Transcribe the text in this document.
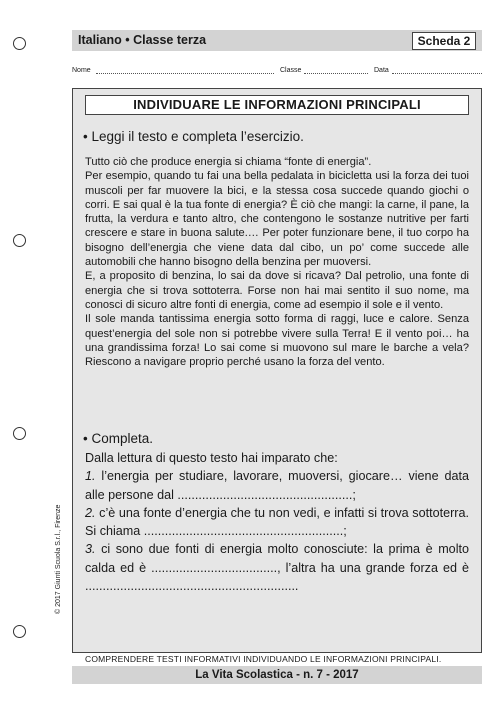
© 2017 Giunti Scuola S.r.l., Firenze
Italiano • Classe terza	Scheda 2
Nome	Classe	Data
INDIVIDUARE LE INFORMAZIONI PRINCIPALI
• Leggi il testo e completa l’esercizio.

Tutto ciò che produce energia si chiama “fonte di energia”.

Per esempio, quando tu fai una bella pedalata in bicicletta usi la forza dei tuoi muscoli per far muovere la bici, e la stessa cosa succede quando giochi o corri. E sai qual è la tua fonte di energia? È ciò che mangi: la carne, il pane, la frutta, la verdura e tanto altro, che contengono le sostanze nutritive per farti crescere e stare in buona salute.… Per poter funzionare bene, il tuo corpo ha bisogno dell’energia che viene data dal cibo, un po’ come succede alle automobili che hanno bisogno della benzina per muoversi.

E, a proposito di benzina, lo sai da dove si ricava? Dal petrolio, una fonte di energia che si trova sottoterra. Forse non hai mai sentito il suo nome, ma conosci di sicuro altre fonti di energia, come ad esempio il sole e il vento.

Il sole manda tantissima energia sotto forma di raggi, luce e calore. Senza quest’energia del sole non si potrebbe vivere sulla Terra! E il vento poi… ha una grandissima forza! Lo sai come si muovono sul mare le barche a vela? Riescono a navigare proprio perché usano la forza del vento.

• Completa.

Dalla lettura di questo testo hai imparato che:

1. l’energia per studiare, lavorare, muoversi, giocare… viene data alle persone dal ..................................................;

2. c’è una fonte d’energia che tu non vedi, e infatti si trova sottoterra. Si chiama .........................................................;

3. ci sono due fonti di energia molto conosciute: la prima è molto calda ed è ...................................., l’altra ha una grande forza ed è .............................................................

COMPRENDERE TESTI INFORMATIVI INDIVIDUANDO LE INFORMAZIONI PRINCIPALI.
La Vita Scolastica - n. 7 - 2017
